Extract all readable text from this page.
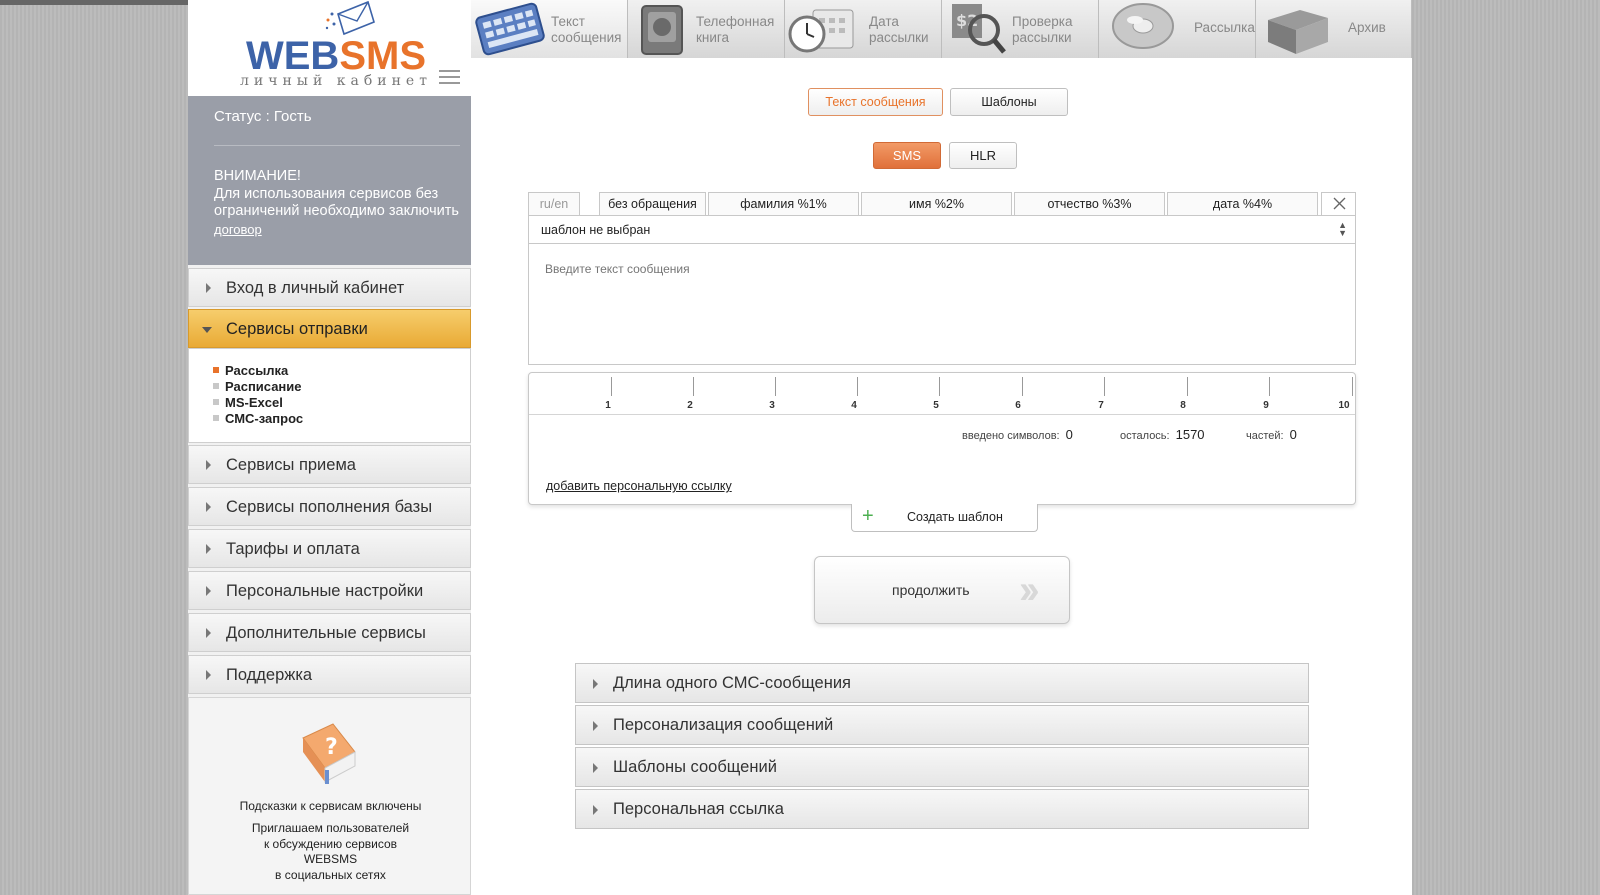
WEBSMS
личный кабинет
Статус : Гость
ВНИМАНИЕ!
Для использования сервисов без ограничений необходимо заключить договор
Вход в личный кабинет
Сервисы отправки
Рассылка
Расписание
MS-Excel
СМС-запрос
Сервисы приема
Сервисы пополнения базы
Тарифы и оплата
Персональные настройки
Дополнительные сервисы
Поддержка
?
Подсказки к сервисам включены
Приглашаем пользователей
к обсуждению сервисов
WEBSMS
в социальных сетях
Текст
сообщения
Телефонная
книга
Дата
рассылки
$2 Проверка
рассылки
Рассылка	Архив
Текст сообщения	Шаблоны
SMS	HLR
ru/en	без обращения	фамилия %1%	имя %2%	отчество %3%	дата %4%
шаблон не выбран	▲
▼
Введите текст сообщения
1	2	3	4	5	6	7	8	9	10
введено символов: 0	осталось: 1570	частей: 0
добавить персональную ссылку
+	Создать шаблон
продолжить ››
Длина одного СМС-сообщения
Персонализация сообщений
Шаблоны сообщений
Персональная ссылка
